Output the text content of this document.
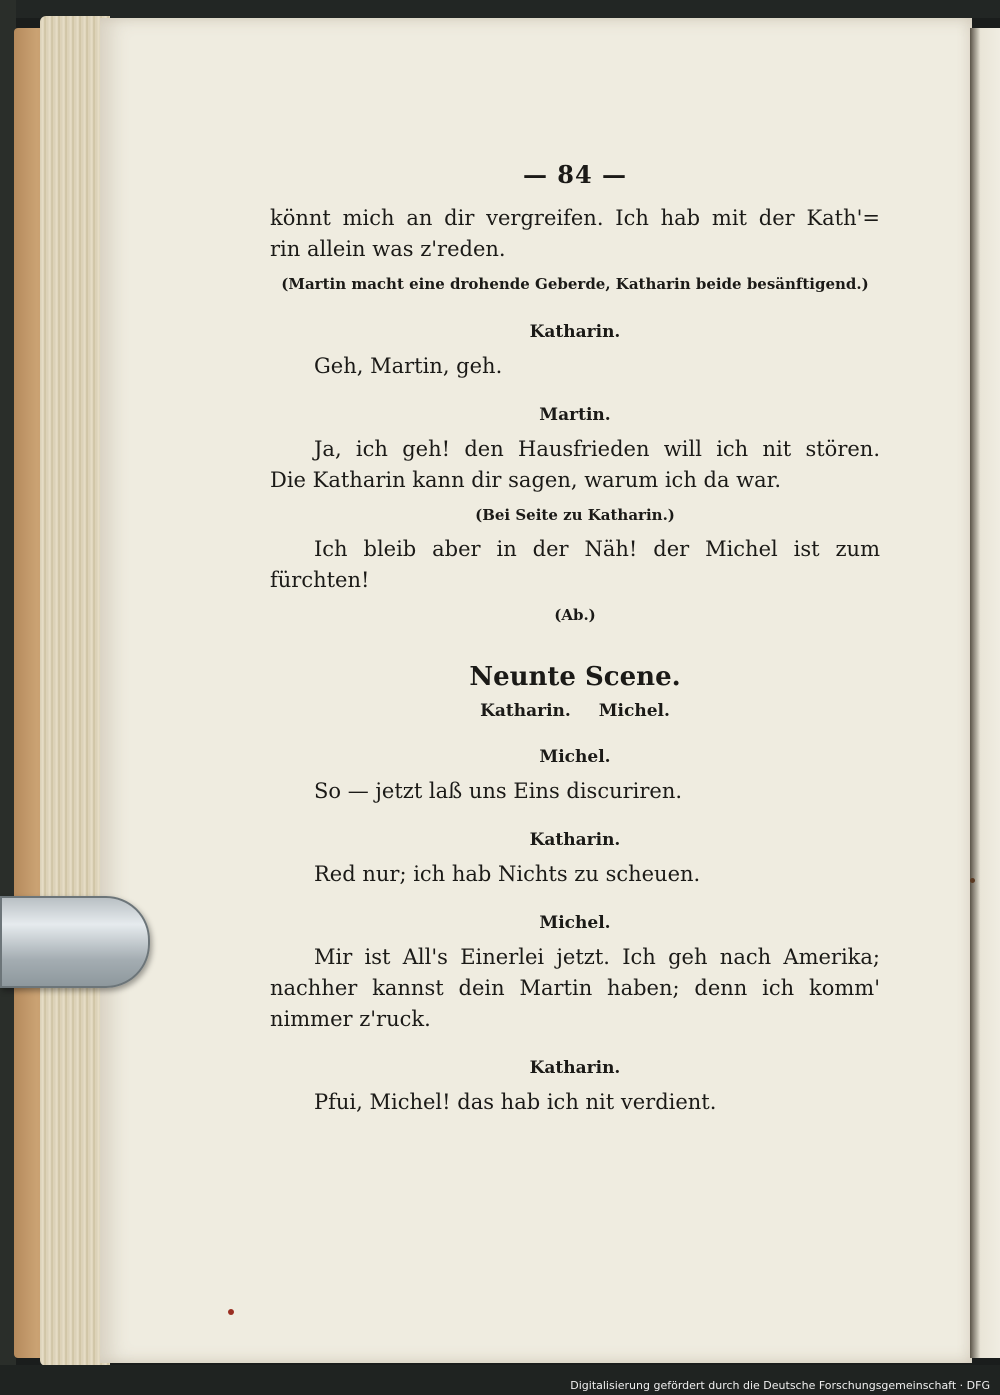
— 84 —
könnt mich an dir vergreifen. Ich hab mit der Kath'=
rin allein was z'reden.
(Martin macht eine drohende Geberde, Katharin beide besänftigend.)
Katharin.
Geh, Martin, geh.
Martin.
Ja, ich geh! den Hausfrieden will ich nit stören.
Die Katharin kann dir sagen, warum ich da war.
(Bei Seite zu Katharin.)
Ich bleib aber in der Näh! der Michel ist zum
fürchten!
(Ab.)
Neunte Scene.
Katharin. Michel.
Michel.
So — jetzt laß uns Eins discuriren.
Katharin.
Red nur; ich hab Nichts zu scheuen.
Michel.
Mir ist All's Einerlei jetzt. Ich geh nach Amerika;
nachher kannst dein Martin haben; denn ich komm'
nimmer z'ruck.
Katharin.
Pfui, Michel! das hab ich nit verdient.
Digitalisierung gefördert durch die Deutsche Forschungsgemeinschaft · DFG
